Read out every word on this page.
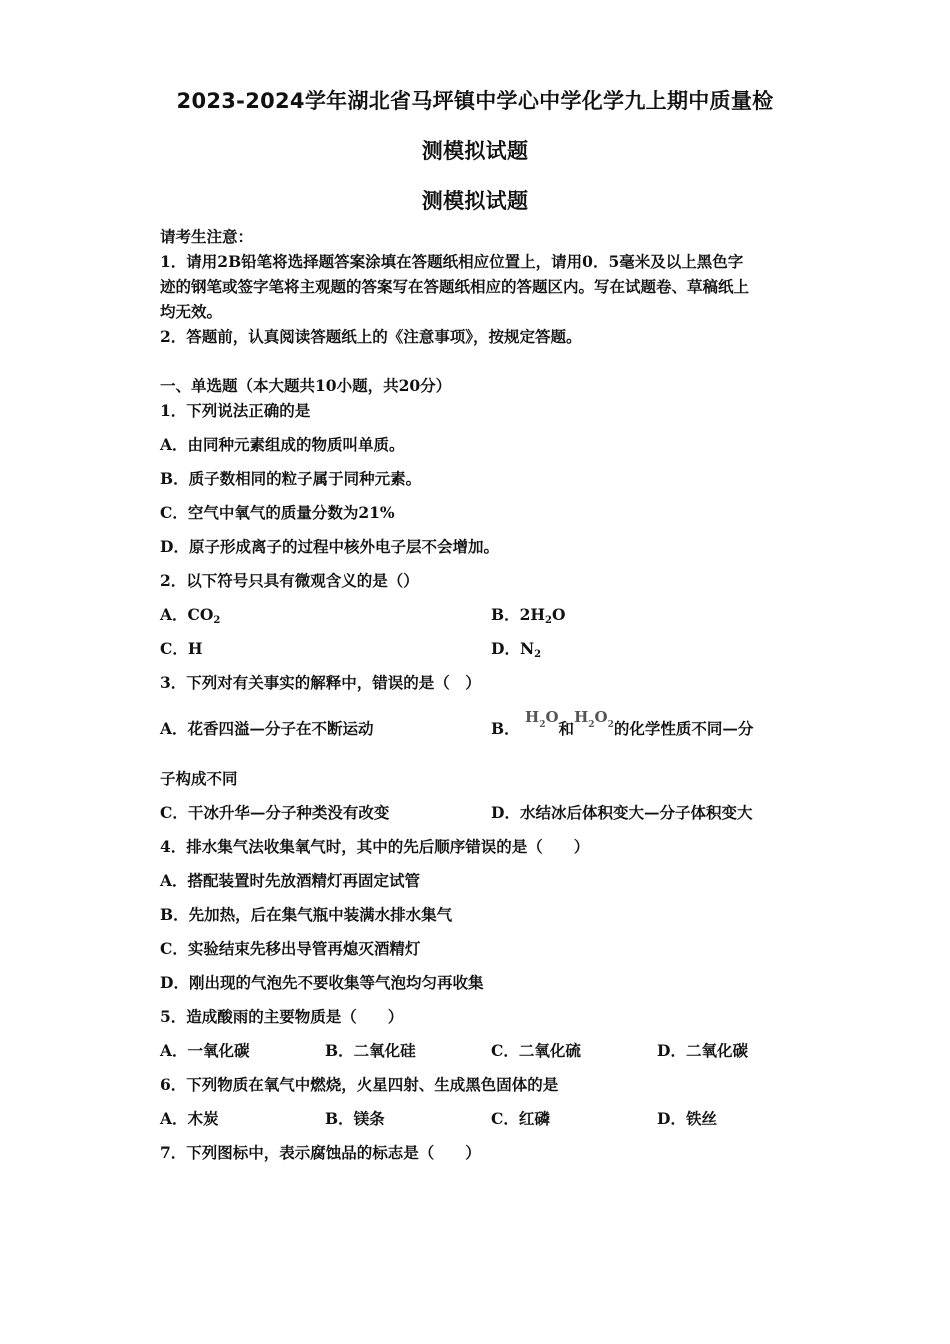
2023-2024学年湖北省马坪镇中学心中学化学九上期中质量检
测模拟试题
测模拟试题
请考生注意：
1．请用2B铅笔将选择题答案涂填在答题纸相应位置上，请用0．5毫米及以上黑色字
迹的钢笔或签字笔将主观题的答案写在答题纸相应的答题区内。写在试题卷、草稿纸上
均无效。
2．答题前，认真阅读答题纸上的《注意事项》，按规定答题。
一、单选题（本大题共10小题，共20分）
1．下列说法正确的是
A．由同种元素组成的物质叫单质。
B．质子数相同的粒子属于同种元素。
C．空气中氧气的质量分数为21%
D．原子形成离子的过程中核外电子层不会增加。
2．以下符号只具有微观含义的是（）
A．$CO_2$	B．$2H_2O$
C．H	D．$N_2$
3．下列对有关事实的解释中，错误的是（　）
A．花香四溢—分子在不断运动	B． $H_2O$和$H_2O_2$的化学性质不同—分
子构成不同
C．干冰升华—分子种类没有改变	D．水结冰后体积变大—分子体积变大
4．排水集气法收集氧气时，其中的先后顺序错误的是（　　）
A．搭配装置时先放酒精灯再固定试管
B．先加热，后在集气瓶中装满水排水集气
C．实验结束先移出导管再熄灭酒精灯
D．刚出现的气泡先不要收集等气泡均匀再收集
5．造成酸雨的主要物质是（　　）
A．一氧化碳	B．二氧化硅	C．二氧化硫	D．二氧化碳
6．下列物质在氧气中燃烧，火星四射、生成黑色固体的是
A．木炭	B．镁条	C．红磷	D．铁丝
7．下列图标中，表示腐蚀品的标志是（　　）
